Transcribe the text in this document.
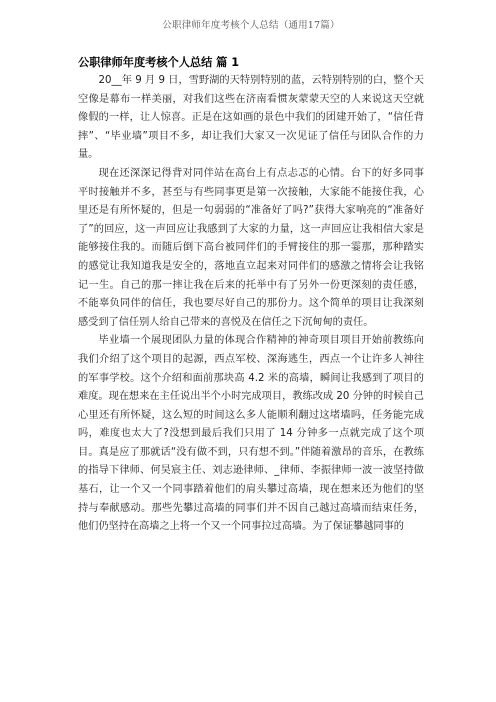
公职律师年度考核个人总结（通用17篇）
公职律师年度考核个人总结 篇 1

20__年 9 月 9 日，雪野湖的天特别特别的蓝，云特别特别的白，整个天空像是幕布一样美丽，对我们这些在济南看惯灰蒙蒙天空的人来说这天空就像假的一样，让人惊喜。正是在这如画的景色中我们的团建开始了，“信任背摔”、“毕业墙”项目不多，却让我们大家又一次见证了信任与团队合作的力量。

现在还深深记得背对同伴站在高台上有点忐忑的心情。台下的好多同事平时接触并不多，甚至与有些同事更是第一次接触，大家能不能接住我，心里还是有所怀疑的，但是一句弱弱的“准备好了吗?”获得大家响亮的“准备好了”的回应，这一声回应让我感到了大家的力量，这一声回应让我相信大家是能够接住我的。而随后倒下高台被同伴们的手臂接住的那一霎那，那种踏实的感觉让我知道我是安全的，落地直立起来对同伴们的感激之情将会让我铭记一生。自己的那一摔让我在后来的托举中有了另外一份更深刻的责任感，不能辜负同伴的信任，我也要尽好自己的那份力。这个简单的项目让我深刻感受到了信任别人给自己带来的喜悦及在信任之下沉甸甸的责任。

毕业墙一个展现团队力量的体现合作精神的神奇项目项目开始前教练向我们介绍了这个项目的起源，西点军校、深海逃生，西点一个让许多人神往的军事学校。这个介绍和面前那块高 4.2 米的高墙，瞬间让我感到了项目的难度。现在想来在主任说出半个小时完成项目，教练改成 20 分钟的时候自己心里还有所怀疑，这么短的时间这么多人能顺利翻过这堵墙吗，任务能完成吗，难度也太大了?没想到最后我们只用了 14 分钟多一点就完成了这个项目。真是应了那就话“没有做不到，只有想不到。”伴随着激昂的音乐，在教练的指导下律师、何昊宸主任、刘志逊律师、_律师、李振律师一波一波坚持做基石，让一个又一个同事踏着他们的肩头攀过高墙，现在想来还为他们的坚持与奉献感动。那些先攀过高墙的同事们并不因自己越过高墙而结束任务，他们仍坚持在高墙之上将一个又一个同事拉过高墙。为了保证攀越同事的
